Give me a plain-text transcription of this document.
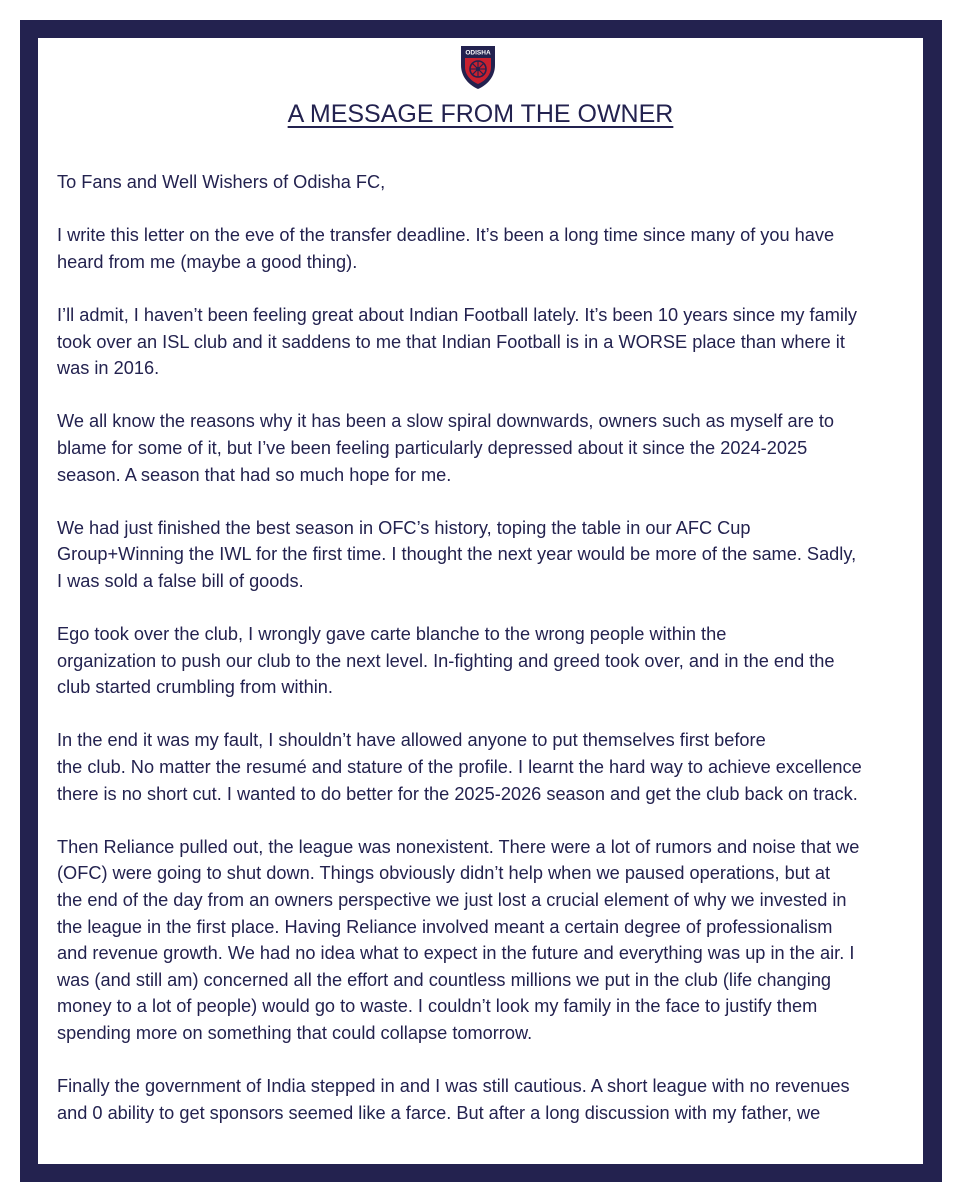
ODISHA
A MESSAGE FROM THE OWNER

To Fans and Well Wishers of Odisha FC,

I write this letter on the eve of the transfer deadline. It’s been a long time since many of you have
heard from me (maybe a good thing).

I’ll admit, I haven’t been feeling great about Indian Football lately. It’s been 10 years since my family
took over an ISL club and it saddens to me that Indian Football is in a WORSE place than where it
was in 2016.

We all know the reasons why it has been a slow spiral downwards, owners such as myself are to
blame for some of it, but I’ve been feeling particularly depressed about it since the 2024-2025
season. A season that had so much hope for me.

We had just finished the best season in OFC’s history, toping the table in our AFC Cup
Group+Winning the IWL for the first time. I thought the next year would be more of the same. Sadly,
I was sold a false bill of goods.

Ego took over the club, I wrongly gave carte blanche to the wrong people within the
organization to push our club to the next level. In-fighting and greed took over, and in the end the
club started crumbling from within.

In the end it was my fault, I shouldn’t have allowed anyone to put themselves first before
the club. No matter the resumé and stature of the profile. I learnt the hard way to achieve excellence
there is no short cut. I wanted to do better for the 2025-2026 season and get the club back on track.

Then Reliance pulled out, the league was nonexistent. There were a lot of rumors and noise that we
(OFC) were going to shut down. Things obviously didn’t help when we paused operations, but at
the end of the day from an owners perspective we just lost a crucial element of why we invested in
the league in the first place. Having Reliance involved meant a certain degree of professionalism
and revenue growth. We had no idea what to expect in the future and everything was up in the air. I
was (and still am) concerned all the effort and countless millions we put in the club (life changing
money to a lot of people) would go to waste. I couldn’t look my family in the face to justify them
spending more on something that could collapse tomorrow.

Finally the government of India stepped in and I was still cautious. A short league with no revenues
and 0 ability to get sponsors seemed like a farce. But after a long discussion with my father, we
